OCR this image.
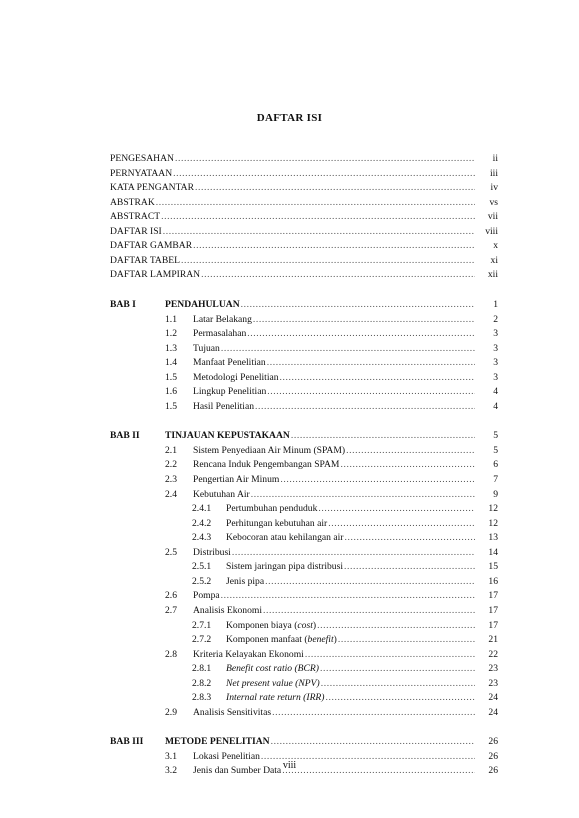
DAFTAR ISI
PENGESAHAN .....	ii
PERNYATAAN .....	iii
KATA PENGANTAR .....	iv
ABSTRAK .....	vs
ABSTRACT .....	vii
DAFTAR ISI .....	viii
DAFTAR GAMBAR .....	x
DAFTAR TABEL .....	xi
DAFTAR LAMPIRAN .....	xii
BAB I	PENDAHULUAN .....	1
1.1 Latar Belakang .....	2
1.2 Permasalahan .....	3
1.3 Tujuan .....	3
1.4 Manfaat Penelitian .....	3
1.5 Metodologi Penelitian .....	3
1.6 Lingkup Penelitian .....	4
1.5 Hasil Penelitian .....	4
BAB II	TINJAUAN KEPUSTAKAAN .....	5
2.1 Sistem Penyediaan Air Minum (SPAM) .....	5
2.2 Rencana Induk Pengembangan SPAM .....	6
2.3 Pengertian Air Minum .....	7
2.4 Kebutuhan Air .....	9
2.4.1 Pertumbuhan penduduk .....	12
2.4.2 Perhitungan kebutuhan air .....	12
2.4.3 Kebocoran atau kehilangan air .....	13
2.5 Distribusi .....	14
2.5.1 Sistem jaringan pipa distribusi .....	15
2.5.2 Jenis pipa .....	16
2.6 Pompa .....	17
2.7 Analisis Ekonomi .....	17
2.7.1 Komponen biaya (cost) .....	17
2.7.2 Komponen manfaat (benefit) .....	21
2.8 Kriteria Kelayakan Ekonomi .....	22
2.8.1 Benefit cost ratio (BCR) .....	23
2.8.2 Net present value (NPV) .....	23
2.8.3 Internal rate return (IRR) .....	24
2.9 Analisis Sensitivitas .....	24
BAB III METODE PENELITIAN .....	26
3.1 Lokasi Penelitian .....	26
3.2 Jenis dan Sumber Data .....	26
viii
